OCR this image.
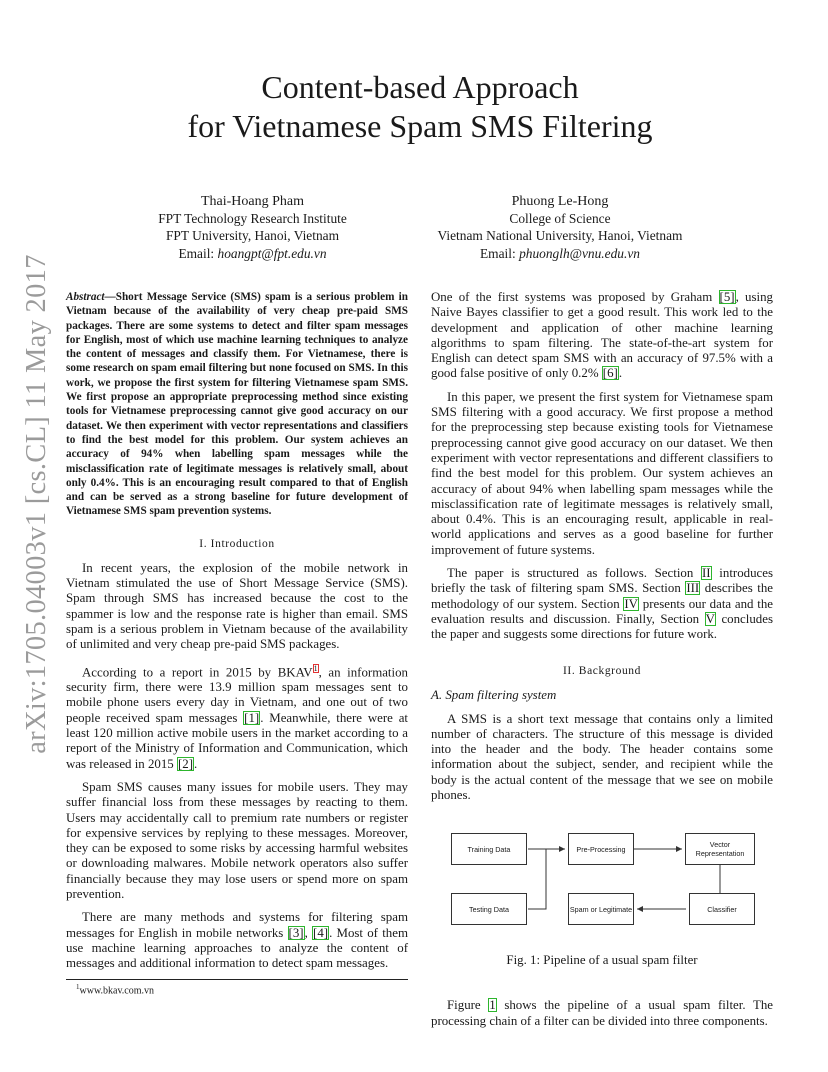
arXiv:1705.04003v1 [cs.CL] 11 May 2017
Content-based Approach
for Vietnamese Spam SMS Filtering
Thai-Hoang Pham
FPT Technology Research Institute
FPT University, Hanoi, Vietnam
Email: hoangpt@fpt.edu.vn
Phuong Le-Hong
College of Science
Vietnam National University, Hanoi, Vietnam
Email: phuonglh@vnu.edu.vn

Abstract—Short Message Service (SMS) spam is a serious problem in Vietnam because of the availability of very cheap pre-paid SMS packages. There are some systems to detect and filter spam messages for English, most of which use machine learning techniques to analyze the content of messages and classify them. For Vietnamese, there is some research on spam email filtering but none focused on SMS. In this work, we propose the first system for filtering Vietnamese spam SMS. We first propose an appropriate preprocessing method since existing tools for Vietnamese preprocessing cannot give good accuracy on our dataset. We then experiment with vector representations and classifiers to find the best model for this problem. Our system achieves an accuracy of 94% when labelling spam messages while the misclassification rate of legitimate messages is relatively small, about only 0.4%. This is an encouraging result compared to that of English and can be served as a strong baseline for future development of Vietnamese SMS spam prevention systems.

I. Introduction

In recent years, the explosion of the mobile network in Vietnam stimulated the use of Short Message Service (SMS). Spam through SMS has increased because the cost to the spammer is low and the response rate is higher than email. SMS spam is a serious problem in Vietnam because of the availability of unlimited and very cheap pre-paid SMS packages.

According to a report in 2015 by BKAV$^1$, an information security firm, there were 13.9 million spam messages sent to mobile phone users every day in Vietnam, and one out of two people received spam messages [1]. Meanwhile, there were at least 120 million active mobile users in the market according to a report of the Ministry of Information and Communication, which was released in 2015 [2].

Spam SMS causes many issues for mobile users. They may suffer financial loss from these messages by reacting to them. Users may accidentally call to premium rate numbers or register for expensive services by replying to these messages. Moreover, they can be exposed to some risks by accessing harmful websites or downloading malwares. Mobile network operators also suffer financially because they may lose users or spend more on spam prevention.

There are many methods and systems for filtering spam messages for English in mobile networks [3], [4]. Most of them use machine learning approaches to analyze the content of messages and additional information to detect spam messages.

$^1$www.bkav.com.vn

One of the first systems was proposed by Graham [5], using Naive Bayes classifier to get a good result. This work led to the development and application of other machine learning algorithms to spam filtering. The state-of-the-art system for English can detect spam SMS with an accuracy of 97.5% with a good false positive of only 0.2% [6].

In this paper, we present the first system for Vietnamese spam SMS filtering with a good accuracy. We first propose a method for the preprocessing step because existing tools for Vietnamese preprocessing cannot give good accuracy on our dataset. We then experiment with vector representations and different classifiers to find the best model for this problem. Our system achieves an accuracy of about 94% when labelling spam messages while the misclassification rate of legitimate messages is relatively small, about 0.4%. This is an encouraging result, applicable in real-world applications and serves as a good baseline for further improvement of future systems.

The paper is structured as follows. Section II introduces briefly the task of filtering spam SMS. Section III describes the methodology of our system. Section IV presents our data and the evaluation results and discussion. Finally, Section V concludes the paper and suggests some directions for future work.

II. Background
A. Spam filtering system

A SMS is a short text message that contains only a limited number of characters. The structure of this message is divided into the header and the body. The header contains some information about the subject, sender, and recipient while the body is the actual content of the message that we see on mobile phones.

Training Data	Pre-Processing	Vector Representation
Testing Data	Spam or Legitimate	Classifier
Fig. 1: Pipeline of a usual spam filter

Figure 1 shows the pipeline of a usual spam filter. The processing chain of a filter can be divided into three components.
